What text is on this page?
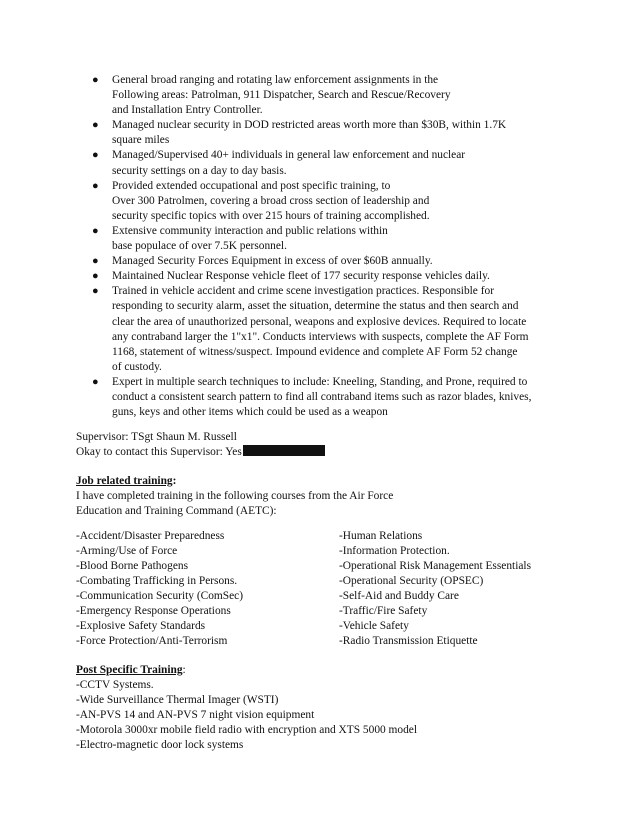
● General broad ranging and rotating law enforcement assignments in the
Following areas: Patrolman, 911 Dispatcher, Search and Rescue/Recovery
and Installation Entry Controller.
● Managed nuclear security in DOD restricted areas worth more than $30B, within 1.7K
square miles
● Managed/Supervised 40+ individuals in general law enforcement and nuclear
security settings on a day to day basis.
● Provided extended occupational and post specific training, to
Over 300 Patrolmen, covering a broad cross section of leadership and
security specific topics with over 215 hours of training accomplished.
● Extensive community interaction and public relations within
base populace of over 7.5K personnel.
● Managed Security Forces Equipment in excess of over $60B annually.
● Maintained Nuclear Response vehicle fleet of 177 security response vehicles daily.
● Trained in vehicle accident and crime scene investigation practices. Responsible for
responding to security alarm, asset the situation, determine the status and then search and
clear the area of unauthorized personal, weapons and explosive devices. Required to locate
any contraband larger the 1"x1". Conducts interviews with suspects, complete the AF Form
1168, statement of witness/suspect. Impound evidence and complete AF Form 52 change
of custody.
● Expert in multiple search techniques to include: Kneeling, Standing, and Prone, required to
conduct a consistent search pattern to find all contraband items such as razor blades, knives,
guns, keys and other items which could be used as a weapon
Supervisor: TSgt Shaun M. Russell
Okay to contact this Supervisor: Yes
Job related training:
I have completed training in the following courses from the Air Force
Education and Training Command (AETC):
-Accident/Disaster Preparedness
-Arming/Use of Force
-Blood Borne Pathogens
-Combating Trafficking in Persons.
-Communication Security (ComSec)
-Emergency Response Operations
-Explosive Safety Standards
-Force Protection/Anti-Terrorism
-Human Relations
-Information Protection.
-Operational Risk Management Essentials
-Operational Security (OPSEC)
-Self-Aid and Buddy Care
-Traffic/Fire Safety
-Vehicle Safety
-Radio Transmission Etiquette
Post Specific Training:
-CCTV Systems.
-Wide Surveillance Thermal Imager (WSTI)
-AN-PVS 14 and AN-PVS 7 night vision equipment
-Motorola 3000xr mobile field radio with encryption and XTS 5000 model
-Electro-magnetic door lock systems
